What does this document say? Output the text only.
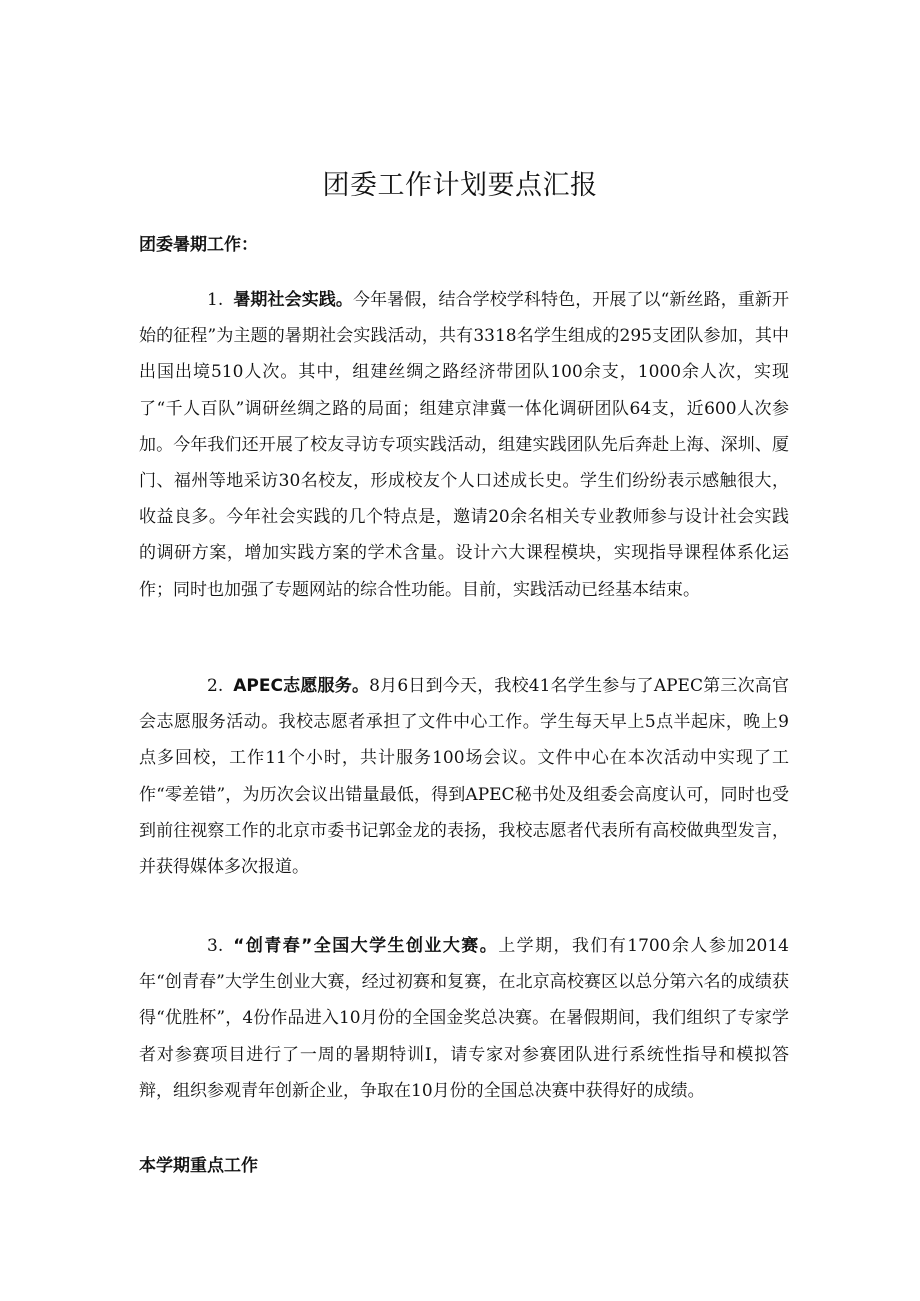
团委工作计划要点汇报
团委暑期工作：

1. 暑期社会实践。今年暑假，结合学校学科特色，开展了以“新丝路，重新开始的征程”为主题的暑期社会实践活动，共有3318名学生组成的295支团队参加，其中出国出境510人次。其中，组建丝绸之路经济带团队100余支，1000余人次，实现了“千人百队”调研丝绸之路的局面；组建京津冀一体化调研团队64支，近600人次参加。今年我们还开展了校友寻访专项实践活动，组建实践团队先后奔赴上海、深圳、厦门、福州等地采访30名校友，形成校友个人口述成长史。学生们纷纷表示感触很大，收益良多。今年社会实践的几个特点是，邀请20余名相关专业教师参与设计社会实践的调研方案，增加实践方案的学术含量。设计六大课程模块，实现指导课程体系化运作；同时也加强了专题网站的综合性功能。目前，实践活动已经基本结束。

2. APEC志愿服务。8月6日到今天，我校41名学生参与了APEC第三次高官会志愿服务活动。我校志愿者承担了文件中心工作。学生每天早上5点半起床，晚上9点多回校，工作11个小时，共计服务100场会议。文件中心在本次活动中实现了工作“零差错”，为历次会议出错量最低，得到APEC秘书处及组委会高度认可，同时也受到前往视察工作的北京市委书记郭金龙的表扬，我校志愿者代表所有高校做典型发言，并获得媒体多次报道。

3. “创青春”全国大学生创业大赛。上学期，我们有1700余人参加2014年“创青春”大学生创业大赛，经过初赛和复赛，在北京高校赛区以总分第六名的成绩获得“优胜杯”，4份作品进入10月份的全国金奖总决赛。在暑假期间，我们组织了专家学者对参赛项目进行了一周的暑期特训I，请专家对参赛团队进行系统性指导和模拟答辩，组织参观青年创新企业，争取在10月份的全国总决赛中获得好的成绩。

本学期重点工作
